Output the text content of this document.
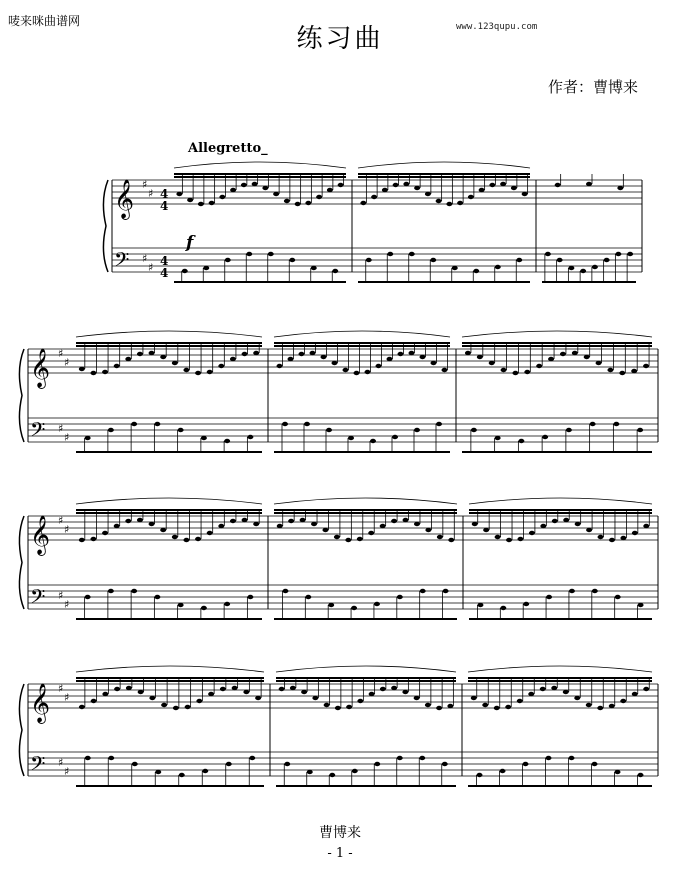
唛来咪曲谱网	www.123qupu.com
练习曲
作者：曹博来
Allegretto_
4
4
4
4
f
𝄞
𝄢
♯
♯
♯
♯
𝄞
𝄢
♯
♯
♯
♯
𝄞
𝄢
♯
♯
♯
♯
𝄞
𝄢
♯
♯
♯
♯
曹博来
- 1 -
